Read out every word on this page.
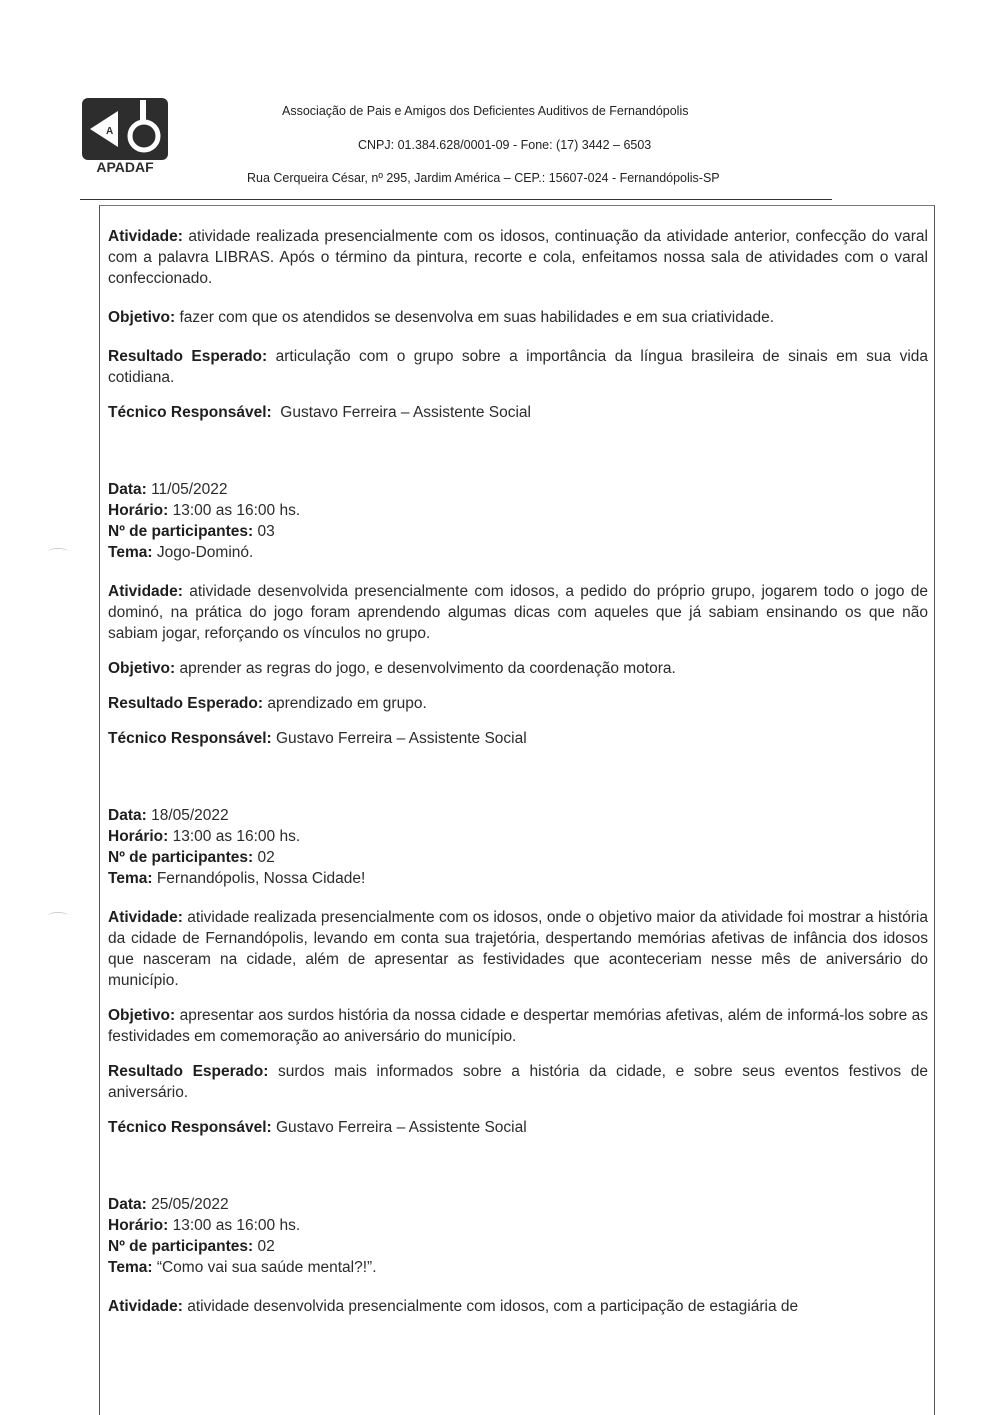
A
APADAF
Associação de Pais e Amigos dos Deficientes Auditivos de Fernandópolis
CNPJ: 01.384.628/0001-09 - Fone: (17) 3442 – 6503
Rua Cerqueira César, nº 295, Jardim América – CEP.: 15607-024 - Fernandópolis-SP

Atividade: atividade realizada presencialmente com os idosos, continuação da atividade anterior, confecção do varal com a palavra LIBRAS. Após o término da pintura, recorte e cola, enfeitamos nossa sala de atividades com o varal confeccionado.

Objetivo: fazer com que os atendidos se desenvolva em suas habilidades e em sua criatividade.

Resultado Esperado: articulação com o grupo sobre a importância da língua brasileira de sinais em sua vida cotidiana.

Técnico Responsável: Gustavo Ferreira – Assistente Social

Data: 11/05/2022

Horário: 13:00 as 16:00 hs.

Nº de participantes: 03

Tema: Jogo-Dominó.

Atividade: atividade desenvolvida presencialmente com idosos, a pedido do próprio grupo, jogarem todo o jogo de dominó, na prática do jogo foram aprendendo algumas dicas com aqueles que já sabiam ensinando os que não sabiam jogar, reforçando os vínculos no grupo.

Objetivo: aprender as regras do jogo, e desenvolvimento da coordenação motora.

Resultado Esperado: aprendizado em grupo.

Técnico Responsável: Gustavo Ferreira – Assistente Social

Data: 18/05/2022

Horário: 13:00 as 16:00 hs.

Nº de participantes: 02

Tema: Fernandópolis, Nossa Cidade!

Atividade: atividade realizada presencialmente com os idosos, onde o objetivo maior da atividade foi mostrar a história da cidade de Fernandópolis, levando em conta sua trajetória, despertando memórias afetivas de infância dos idosos que nasceram na cidade, além de apresentar as festividades que aconteceriam nesse mês de aniversário do município.

Objetivo: apresentar aos surdos história da nossa cidade e despertar memórias afetivas, além de informá-los sobre as festividades em comemoração ao aniversário do município.

Resultado Esperado: surdos mais informados sobre a história da cidade, e sobre seus eventos festivos de aniversário.

Técnico Responsável: Gustavo Ferreira – Assistente Social

Data: 25/05/2022

Horário: 13:00 as 16:00 hs.

Nº de participantes: 02

Tema: “Como vai sua saúde mental?!”.

Atividade: atividade desenvolvida presencialmente com idosos, com a participação de estagiária de
